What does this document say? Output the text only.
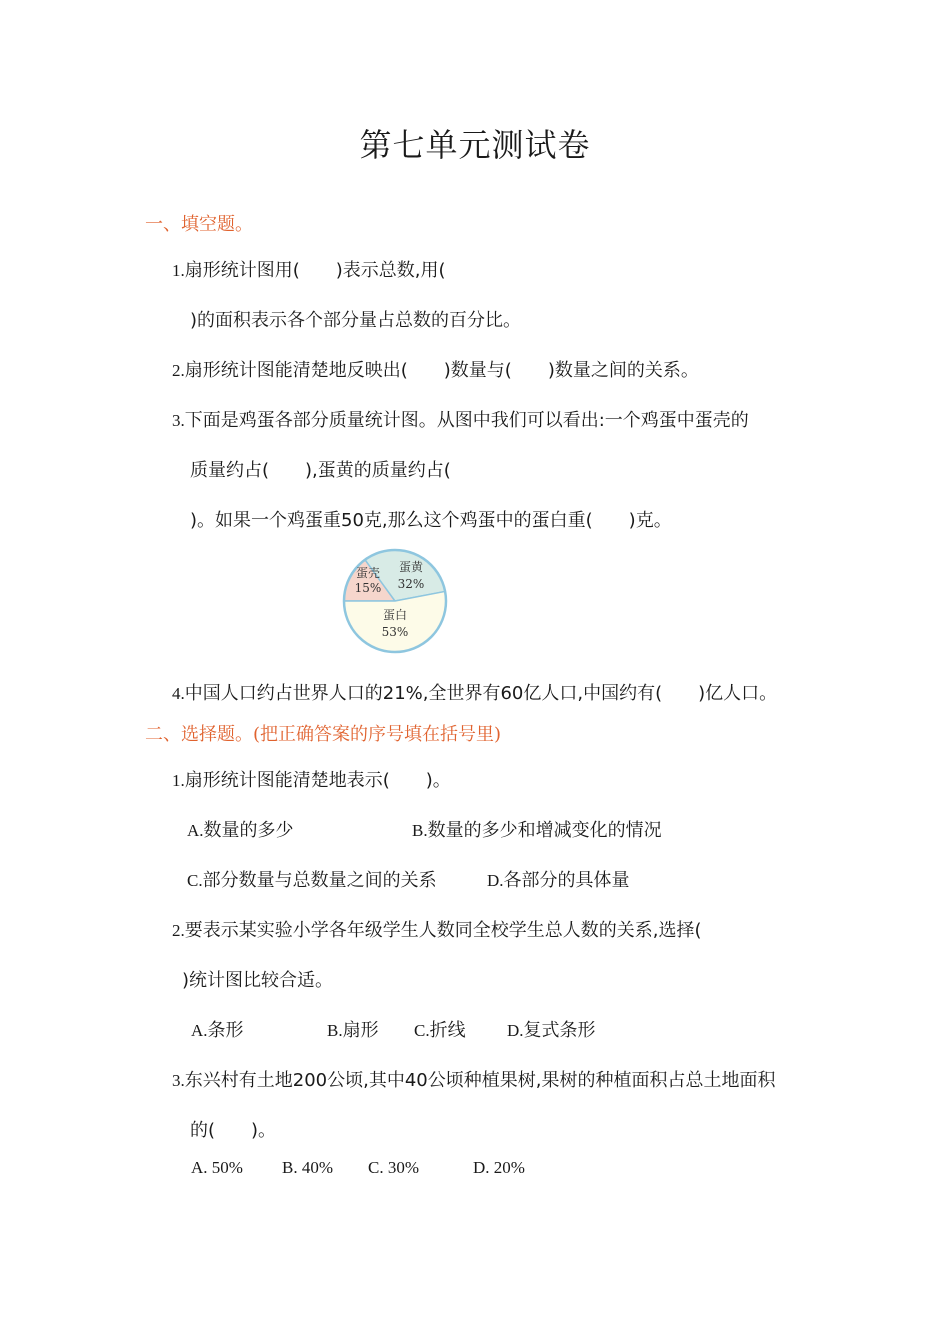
第七单元测试卷
一、填空题。
1.扇形统计图用(　　)表示总数,用(
)的面积表示各个部分量占总数的百分比。
2.扇形统计图能清楚地反映出(　　)数量与(　　)数量之间的关系。
3.下面是鸡蛋各部分质量统计图。从图中我们可以看出:一个鸡蛋中蛋壳的
质量约占(　　),蛋黄的质量约占(
)。如果一个鸡蛋重50克,那么这个鸡蛋中的蛋白重(　　)克。
蛋壳
15%
蛋黄
32%
蛋白
53%
4.中国人口约占世界人口的21%,全世界有60亿人口,中国约有(　　)亿人口。
二、选择题。(把正确答案的序号填在括号里)
1.扇形统计图能清楚地表示(　　)。
A.数量的多少	B.数量的多少和增减变化的情况
C.部分数量与总数量之间的关系	D.各部分的具体量
2.要表示某实验小学各年级学生人数同全校学生总人数的关系,选择(
)统计图比较合适。
A.条形	B.扇形 C.折线 D.复式条形
3.东兴村有土地200公顷,其中40公顷种植果树,果树的种植面积占总土地面积
的(　　)。
A. 50% B. 40% C. 30%	D. 20%
